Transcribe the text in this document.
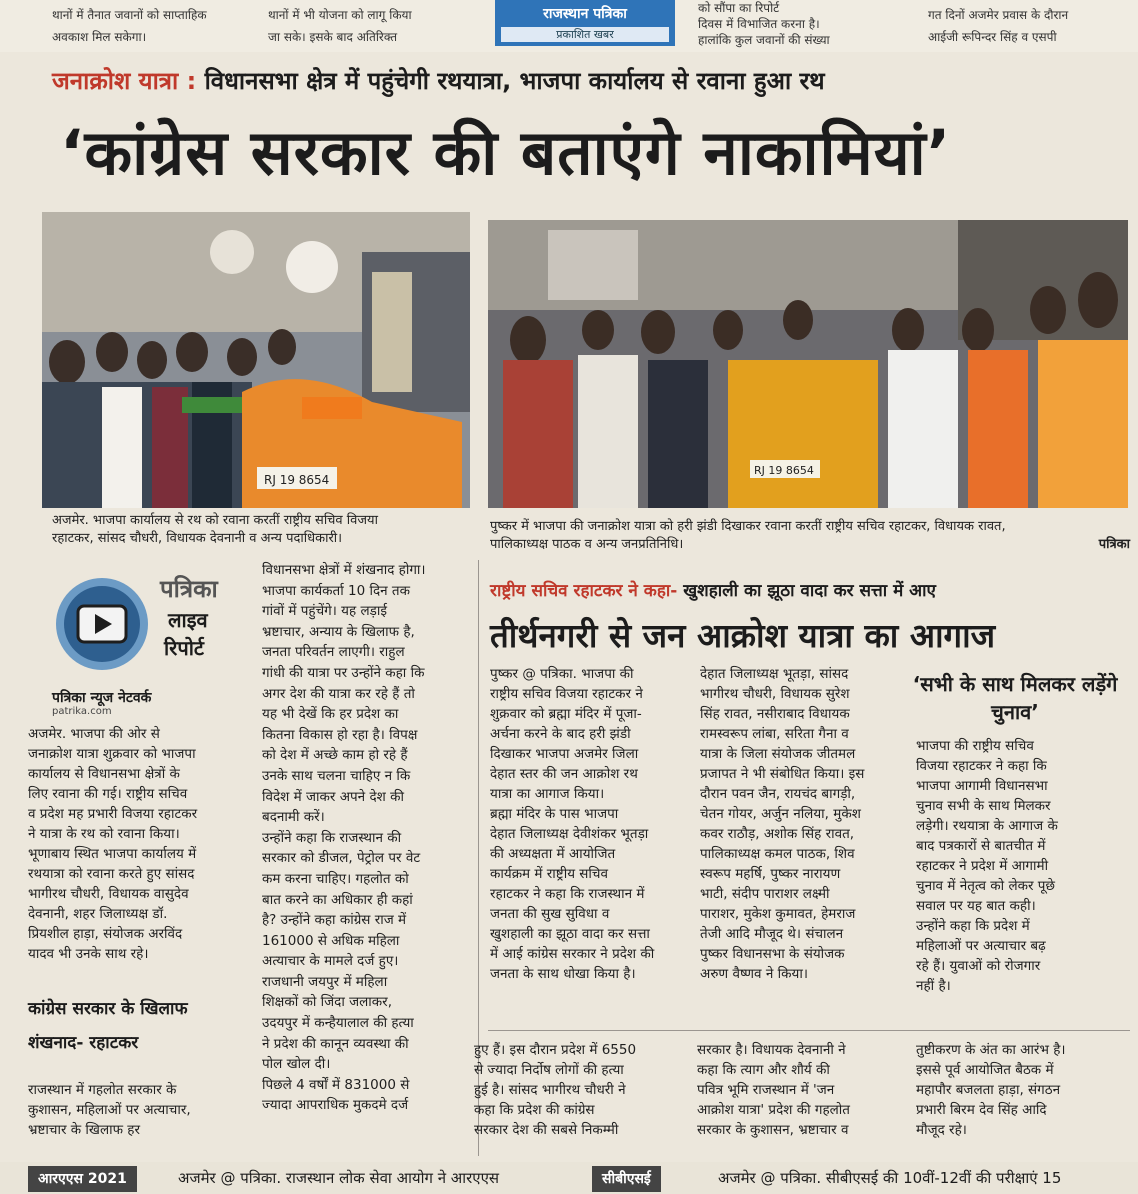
थानों में तैनात जवानों को साप्ताहिक
अवकाश मिल सकेगा।
थानों में भी योजना को लागू किया
जा सके। इसके बाद अतिरिक्त
राजस्थान पत्रिका
प्रकाशित खबर
को सौंपा का रिपोर्ट
दिवस में विभाजित करना है।
हालांकि कुल जवानों की संख्या
गत दिनों अजमेर प्रवास के दौरान
आईजी रूपिन्दर सिंह व एसपी
जनाक्रोश यात्रा : विधानसभा क्षेत्र में पहुंचेगी रथयात्रा, भाजपा कार्यालय से रवाना हुआ रथ
‘कांग्रेस सरकार की बताएंगे नाकामियां’
RJ 19 8654
अजमेर. भाजपा कार्यालय से रथ को रवाना करतीं राष्ट्रीय सचिव विजया
रहाटकर, सांसद चौधरी, विधायक देवनानी व अन्य पदाधिकारी।
RJ 19 8654
पुष्कर में भाजपा की जनाक्रोश यात्रा को हरी झंडी दिखाकर रवाना करतीं राष्ट्रीय सचिव रहाटकर, विधायक रावत,
पालिकाध्यक्ष पाठक व अन्य जनप्रतिनिधि।	पत्रिका
पत्रिका
लाइव
रिपोर्ट
पत्रिका न्यूज नेटवर्क
patrika.com
अजमेर. भाजपा की ओर से
जनाक्रोश यात्रा शुक्रवार को भाजपा
कार्यालय से विधानसभा क्षेत्रों के
लिए रवाना की गई। राष्ट्रीय सचिव
व प्रदेश मह प्रभारी विजया रहाटकर
ने यात्रा के रथ को रवाना किया।
भूणाबाय स्थित भाजपा कार्यालय में
रथयात्रा को रवाना करते हुए सांसद
भागीरथ चौधरी, विधायक वासुदेव
देवनानी, शहर जिलाध्यक्ष डॉ.
प्रियशील हाड़ा, संयोजक अरविंद
यादव भी उनके साथ रहे।
कांग्रेस सरकार के खिलाफ
शंखनाद- रहाटकर
राजस्थान में गहलोत सरकार के
कुशासन, महिलाओं पर अत्याचार,
भ्रष्टाचार के खिलाफ हर
विधानसभा क्षेत्रों में शंखनाद होगा।
भाजपा कार्यकर्ता 10 दिन तक
गांवों में पहुंचेंगे। यह लड़ाई
भ्रष्टाचार, अन्याय के खिलाफ है,
जनता परिवर्तन लाएगी। राहुल
गांधी की यात्रा पर उन्होंने कहा कि
अगर देश की यात्रा कर रहे हैं तो
यह भी देखें कि हर प्रदेश का
कितना विकास हो रहा है। विपक्ष
को देश में अच्छे काम हो रहे हैं
उनके साथ चलना चाहिए न कि
विदेश में जाकर अपने देश की
बदनामी करें।
उन्होंने कहा कि राजस्थान की
सरकार को डीजल, पेट्रोल पर वेट
कम करना चाहिए। गहलोत को
बात करने का अधिकार ही कहां
है? उन्होंने कहा कांग्रेस राज में
161000 से अधिक महिला
अत्याचार के मामले दर्ज हुए।
राजधानी जयपुर में महिला
शिक्षकों को जिंदा जलाकर,
उदयपुर में कन्हैयालाल की हत्या
ने प्रदेश की कानून व्यवस्था की
पोल खोल दी।
पिछले 4 वर्षों में 831000 से
ज्यादा आपराधिक मुकदमे दर्ज
राष्ट्रीय सचिव रहाटकर ने कहा- खुशहाली का झूठा वादा कर सत्ता में आए
तीर्थनगरी से जन आक्रोश यात्रा का आगाज
पुष्कर @ पत्रिका. भाजपा की
राष्ट्रीय सचिव विजया रहाटकर ने
शुक्रवार को ब्रह्मा मंदिर में पूजा-
अर्चना करने के बाद हरी झंडी
दिखाकर भाजपा अजमेर जिला
देहात स्तर की जन आक्रोश रथ
यात्रा का आगाज किया।
ब्रह्मा मंदिर के पास भाजपा
देहात जिलाध्यक्ष देवीशंकर भूतड़ा
की अध्यक्षता में आयोजित
कार्यक्रम में राष्ट्रीय सचिव
रहाटकर ने कहा कि राजस्थान में
जनता की सुख सुविधा व
खुशहाली का झूठा वादा कर सत्ता
में आई कांग्रेस सरकार ने प्रदेश की
जनता के साथ धोखा किया है।
देहात जिलाध्यक्ष भूतड़ा, सांसद
भागीरथ चौधरी, विधायक सुरेश
सिंह रावत, नसीराबाद विधायक
रामस्वरूप लांबा, सरिता गैना व
यात्रा के जिला संयोजक जीतमल
प्रजापत ने भी संबोधित किया। इस
दौरान पवन जैन, रायचंद बागड़ी,
चेतन गोयर, अर्जुन नलिया, मुकेश
कवर राठौड़, अशोक सिंह रावत,
पालिकाध्यक्ष कमल पाठक, शिव
स्वरूप महर्षि, पुष्कर नारायण
भाटी, संदीप पाराशर लक्ष्मी
पाराशर, मुकेश कुमावत, हेमराज
तेजी आदि मौजूद थे। संचालन
पुष्कर विधानसभा के संयोजक
अरुण वैष्णव ने किया।
‘सभी के साथ मिलकर लड़ेंगे चुनाव’
भाजपा की राष्ट्रीय सचिव
विजया रहाटकर ने कहा कि
भाजपा आगामी विधानसभा
चुनाव सभी के साथ मिलकर
लड़ेगी। रथयात्रा के आगाज के
बाद पत्रकारों से बातचीत में
रहाटकर ने प्रदेश में आगामी
चुनाव में नेतृत्व को लेकर पूछे
सवाल पर यह बात कही।
उन्होंने कहा कि प्रदेश में
महिलाओं पर अत्याचार बढ़
रहे हैं। युवाओं को रोजगार
नहीं है।
हुए हैं। इस दौरान प्रदेश में 6550
से ज्यादा निर्दोष लोगों की हत्या
हुई है। सांसद भागीरथ चौधरी ने
कहा कि प्रदेश की कांग्रेस
सरकार देश की सबसे निकम्मी
सरकार है। विधायक देवनानी ने
कहा कि त्याग और शौर्य की
पवित्र भूमि राजस्थान में 'जन
आक्रोश यात्रा' प्रदेश की गहलोत
सरकार के कुशासन, भ्रष्टाचार व
तुष्टीकरण के अंत का आरंभ है।
इससे पूर्व आयोजित बैठक में
महापौर बजलता हाड़ा, संगठन
प्रभारी बिरम देव सिंह आदि
मौजूद रहे।
आरएएस 2021	अजमेर @ पत्रिका. राजस्थान लोक सेवा आयोग ने आरएएस	सीबीएसई	अजमेर @ पत्रिका. सीबीएसई की 10वीं-12वीं की परीक्षाएं 15
